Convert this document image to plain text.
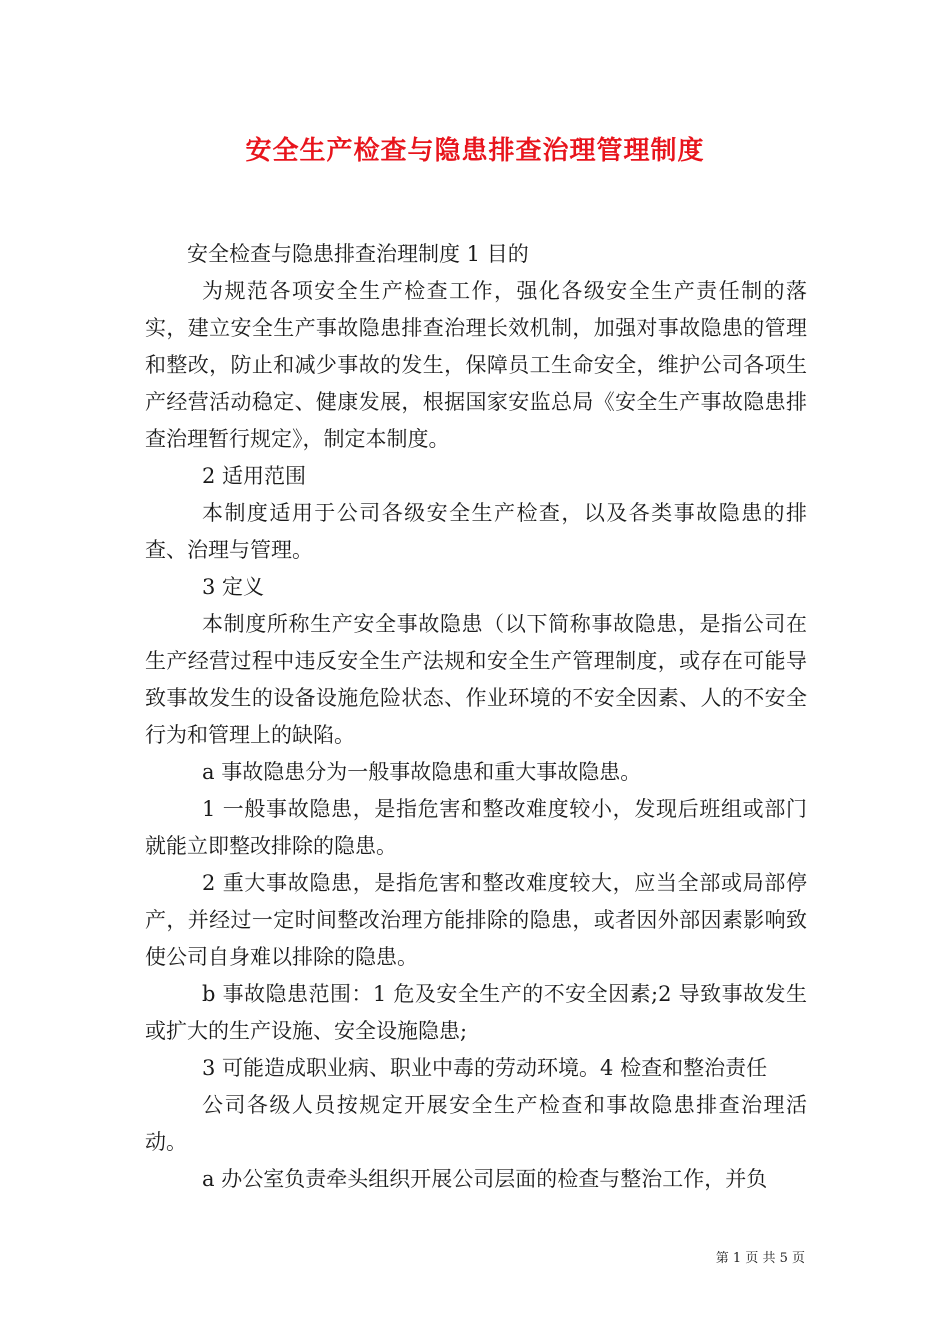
安全生产检查与隐患排查治理管理制度

安全检查与隐患排查治理制度 1 目的

为规范各项安全生产检查工作，强化各级安全生产责任制的落实，建立安全生产事故隐患排查治理长效机制，加强对事故隐患的管理和整改，防止和减少事故的发生，保障员工生命安全，维护公司各项生产经营活动稳定、健康发展，根据国家安监总局《安全生产事故隐患排查治理暂行规定》，制定本制度。

2 适用范围

本制度适用于公司各级安全生产检查，以及各类事故隐患的排查、治理与管理。

3 定义

本制度所称生产安全事故隐患（以下简称事故隐患，是指公司在生产经营过程中违反安全生产法规和安全生产管理制度，或存在可能导致事故发生的设备设施危险状态、作业环境的不安全因素、人的不安全行为和管理上的缺陷。

a 事故隐患分为一般事故隐患和重大事故隐患。

1 一般事故隐患，是指危害和整改难度较小，发现后班组或部门就能立即整改排除的隐患。

2 重大事故隐患，是指危害和整改难度较大，应当全部或局部停产，并经过一定时间整改治理方能排除的隐患，或者因外部因素影响致使公司自身难以排除的隐患。

b 事故隐患范围：1 危及安全生产的不安全因素;2 导致事故发生或扩大的生产设施、安全设施隐患;

3 可能造成职业病、职业中毒的劳动环境。4 检查和整治责任

公司各级人员按规定开展安全生产检查和事故隐患排查治理活动。

a 办公室负责牵头组织开展公司层面的检查与整治工作，并负

第 1 页 共 5 页
